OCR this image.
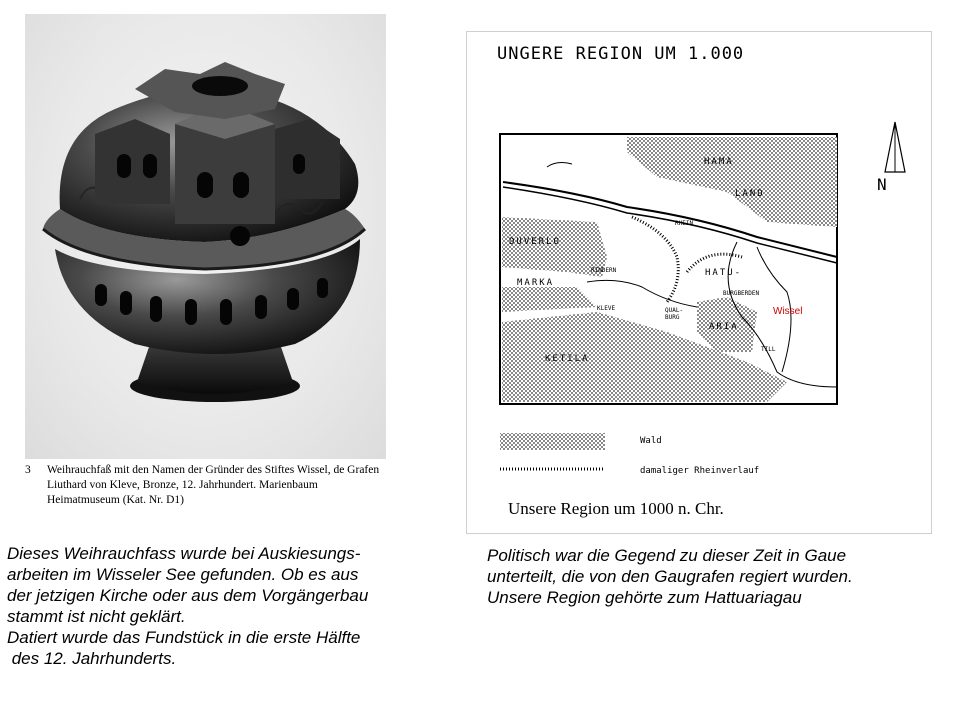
3 Weihrauchfaß mit den Namen der Gründer des Stiftes Wissel, de Grafen Liuthard von Kleve, Bronze, 12. Jahrhundert. Marienbaum Heimatmuseum (Kat. Nr. D1)
UNGERE REGION UM 1.000
N
HAMA
LAND
DUVERLO
MARKA
HATU-
ARIA
KETILA
RHEIN
RINDERN
KLEVE	QUAL-
BURG
BURGBERDEN
TILL
Wissel
Wald
damaliger Rheinverlauf
Unsere Region um 1000 n. Chr.
Dieses Weihrauchfass wurde bei Auskiesungs-
arbeiten im Wisseler See gefunden. Ob es aus
der jetzigen Kirche oder aus dem Vorgängerbau
stammt ist nicht geklärt.
Datiert wurde das Fundstück in die erste Hälfte
des 12. Jahrhunderts.
Politisch war die Gegend zu dieser Zeit in Gaue
unterteilt, die von den Gaugrafen regiert wurden.
Unsere Region gehörte zum Hattuariagau
